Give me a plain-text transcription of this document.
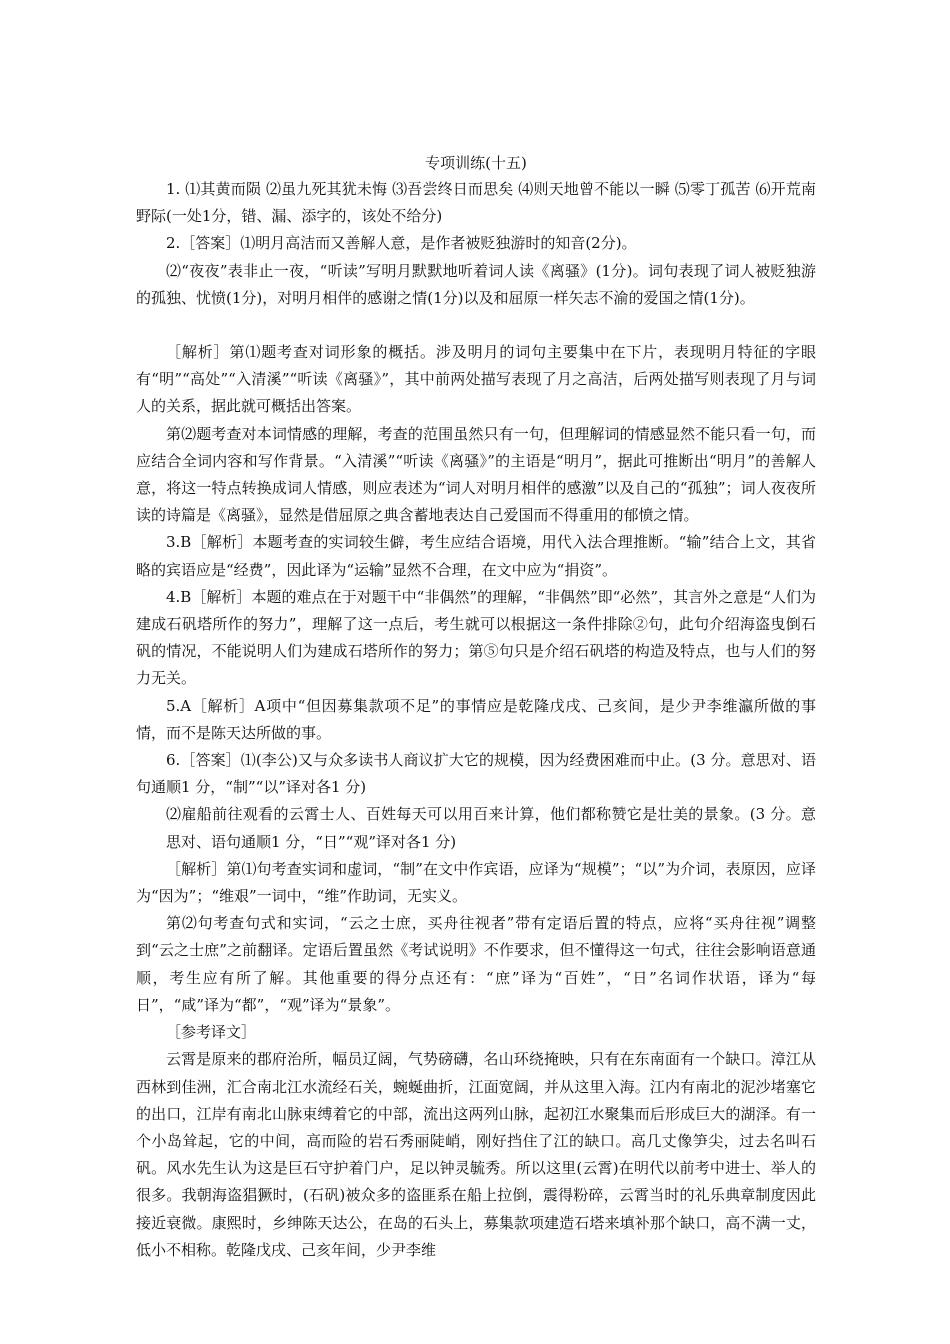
专项训练(十五)

1. ⑴其黄而陨 ⑵虽九死其犹未悔 ⑶吾尝终日而思矣 ⑷则天地曾不能以一瞬 ⑸零丁孤苦 ⑹开荒南野际(一处1分，错、漏、添字的，该处不给分)

2.［答案］⑴明月高洁而又善解人意，是作者被贬独游时的知音(2分)。

⑵“夜夜”表非止一夜，“听读”写明月默默地听着词人读《离骚》(1分)。词句表现了词人被贬独游的孤独、忧愤(1分)，对明月相伴的感谢之情(1分)以及和屈原一样矢志不渝的爱国之情(1分)。

［解析］第⑴题考查对词形象的概括。涉及明月的词句主要集中在下片，表现明月特征的字眼有“明”“高处”“入清溪”“听读《离骚》”，其中前两处描写表现了月之高洁，后两处描写则表现了月与词人的关系，据此就可概括出答案。

第⑵题考查对本词情感的理解，考查的范围虽然只有一句，但理解词的情感显然不能只看一句，而应结合全词内容和写作背景。“入清溪”“听读《离骚》”的主语是“明月”，据此可推断出“明月”的善解人意，将这一特点转换成词人情感，则应表述为“词人对明月相伴的感激”以及自己的“孤独”；词人夜夜所读的诗篇是《离骚》，显然是借屈原之典含蓄地表达自己爱国而不得重用的郁愤之情。

3.B［解析］本题考查的实词较生僻，考生应结合语境，用代入法合理推断。“输”结合上文，其省略的宾语应是“经费”，因此译为“运输”显然不合理，在文中应为“捐资”。

4.B［解析］本题的难点在于对题干中“非偶然”的理解，“非偶然”即“必然”，其言外之意是“人们为建成石矾塔所作的努力”，理解了这一点后，考生就可以根据这一条件排除②句，此句介绍海盗曳倒石矾的情况，不能说明人们为建成石塔所作的努力；第⑤句只是介绍石矾塔的构造及特点，也与人们的努力无关。

5.A［解析］A项中“但因募集款项不足”的事情应是乾隆戊戌、己亥间，是少尹李维瀛所做的事情，而不是陈天达所做的事。

6.［答案］⑴(李公)又与众多读书人商议扩大它的规模，因为经费困难而中止。(3 分。意思对、语句通顺1 分，“制”“以”译对各1 分)

⑵雇船前往观看的云霄士人、百姓每天可以用百来计算，他们都称赞它是壮美的景象。(3 分。意思对、语句通顺1 分，“日”“观”译对各1 分)

［解析］第⑴句考查实词和虚词，“制”在文中作宾语，应译为“规模”；“以”为介词，表原因，应译为“因为”；“维艰”一词中，“维”作助词，无实义。

第⑵句考查句式和实词，“云之士庶，买舟往视者”带有定语后置的特点，应将“买舟往视”调整到“云之士庶”之前翻译。定语后置虽然《考试说明》不作要求，但不懂得这一句式，往往会影响语意通顺，考生应有所了解。其他重要的得分点还有：“庶”译为“百姓”，“日”名词作状语，译为“每日”，“咸”译为“都”，“观”译为“景象”。

［参考译文］

云霄是原来的郡府治所，幅员辽阔，气势磅礴，名山环绕掩映，只有在东南面有一个缺口。漳江从西林到佳洲，汇合南北江水流经石关，蜿蜒曲折，江面宽阔，并从这里入海。江内有南北的泥沙堵塞它的出口，江岸有南北山脉束缚着它的中部，流出这两列山脉，起初江水聚集而后形成巨大的湖泽。有一个小岛耸起，它的中间，高而险的岩石秀丽陡峭，刚好挡住了江的缺口。高几丈像笋尖，过去名叫石矾。风水先生认为这是巨石守护着门户，足以钟灵毓秀。所以这里(云霄)在明代以前考中进士、举人的很多。我朝海盗猖獗时，(石矾)被众多的盗匪系在船上拉倒，震得粉碎，云霄当时的礼乐典章制度因此接近衰微。康熙时，乡绅陈天达公，在岛的石头上，募集款项建造石塔来填补那个缺口，高不满一丈，低小不相称。乾隆戊戌、己亥年间，少尹李维
